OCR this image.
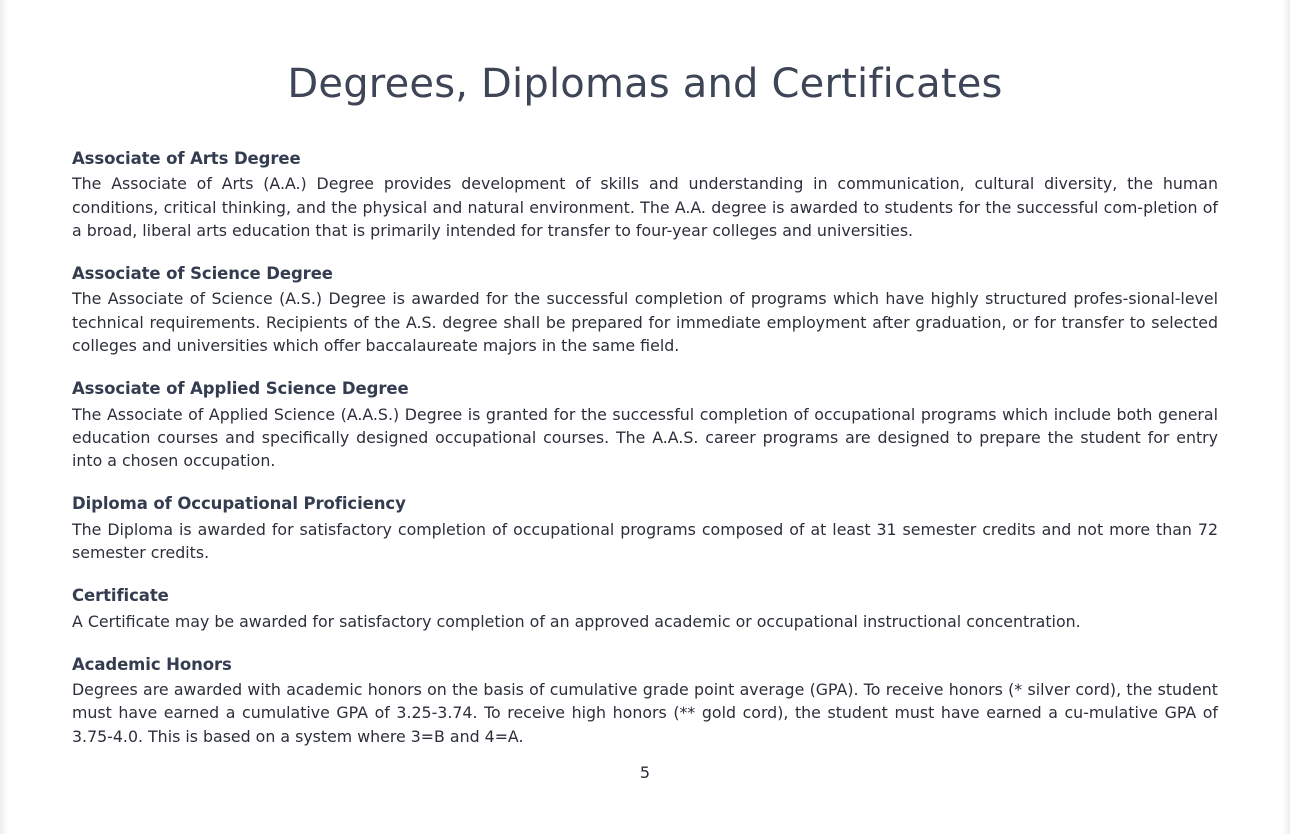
Degrees, Diplomas and Certificates
Associate of Arts Degree

The Associate of Arts (A.A.) Degree provides development of skills and understanding in communication, cultural diversity, the human conditions, critical thinking, and the physical and natural environment. The A.A. degree is awarded to students for the successful com-pletion of a broad, liberal arts education that is primarily intended for transfer to four-year colleges and universities.

Associate of Science Degree

The Associate of Science (A.S.) Degree is awarded for the successful completion of programs which have highly structured profes-sional-level technical requirements. Recipients of the A.S. degree shall be prepared for immediate employment after graduation, or for transfer to selected colleges and universities which offer baccalaureate majors in the same field.

Associate of Applied Science Degree

The Associate of Applied Science (A.A.S.) Degree is granted for the successful completion of occupational programs which include both general education courses and specifically designed occupational courses. The A.A.S. career programs are designed to prepare the student for entry into a chosen occupation.

Diploma of Occupational Proficiency

The Diploma is awarded for satisfactory completion of occupational programs composed of at least 31 semester credits and not more than 72 semester credits.

Certificate

A Certificate may be awarded for satisfactory completion of an approved academic or occupational instructional concentration.

Academic Honors

Degrees are awarded with academic honors on the basis of cumulative grade point average (GPA). To receive honors (* silver cord), the student must have earned a cumulative GPA of 3.25-3.74. To receive high honors (** gold cord), the student must have earned a cu-mulative GPA of 3.75-4.0. This is based on a system where 3=B and 4=A.

5
